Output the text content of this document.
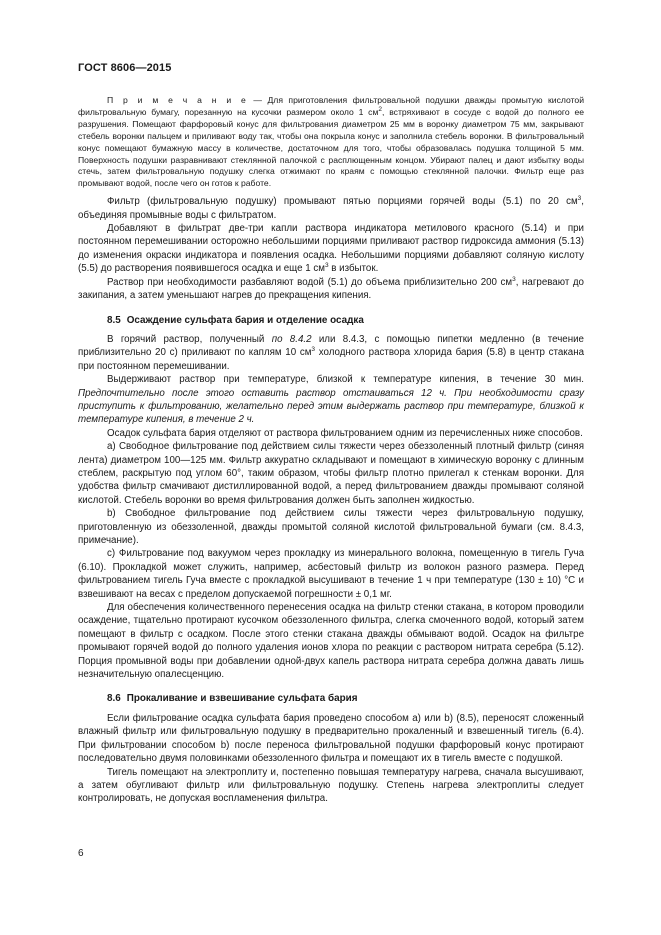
ГОСТ 8606—2015
П р и м е ч а н и е — Для приготовления фильтровальной подушки дважды промытую кислотой фильтровальную бумагу, порезанную на кусочки размером около 1 $см^2$, встряхивают в сосуде с водой до полного ее разрушения. Помещают фарфоровый конус для фильтрования диаметром 25 мм в воронку диаметром 75 мм, закрывают стебель воронки пальцем и приливают воду так, чтобы она покрыла конус и заполнила стебель воронки. В фильтровальный конус помещают бумажную массу в количестве, достаточном для того, чтобы образовалась подушка толщиной 5 мм. Поверхность подушки разравнивают стеклянной палочкой с расплющенным концом. Убирают палец и дают избытку воды стечь, затем фильтровальную подушку слегка отжимают по краям с помощью стеклянной палочки. Фильтр еще раз промывают водой, после чего он готов к работе.

Фильтр (фильтровальную подушку) промывают пятью порциями горячей воды (5.1) по 20 $см^3$, объединяя промывные воды с фильтратом.

Добавляют в фильтрат две-три капли раствора индикатора метилового красного (5.14) и при постоянном перемешивании осторожно небольшими порциями приливают раствор гидроксида аммония (5.13) до изменения окраски индикатора и появления осадка. Небольшими порциями добавляют соляную кислоту (5.5) до растворения появившегося осадка и еще 1 $см^3$ в избыток.

Раствор при необходимости разбавляют водой (5.1) до объема приблизительно 200 $см^3$, нагревают до закипания, а затем уменьшают нагрев до прекращения кипения.

8.5 Осаждение сульфата бария и отделение осадка

В горячий раствор, полученный по 8.4.2 или 8.4.3, с помощью пипетки медленно (в течение приблизительно 20 с) приливают по каплям 10 $см^3$ холодного раствора хлорида бария (5.8) в центр стакана при постоянном перемешивании.

Выдерживают раствор при температуре, близкой к температуре кипения, в течение 30 мин. Предпочтительно после этого оставить раствор отстаиваться 12 ч. При необходимости сразу приступить к фильтрованию, желательно перед этим выдержать раствор при температуре, близкой к температуре кипения, в течение 2 ч.

Осадок сульфата бария отделяют от раствора фильтрованием одним из перечисленных ниже способов.

a) Свободное фильтрование под действием силы тяжести через обеззоленный плотный фильтр (синяя лента) диаметром 100—125 мм. Фильтр аккуратно складывают и помещают в химическую воронку с длинным стеблем, раскрытую под углом 60°, таким образом, чтобы фильтр плотно прилегал к стенкам воронки. Для удобства фильтр смачивают дистиллированной водой, а перед фильтрованием дважды промывают соляной кислотой. Стебель воронки во время фильтрования должен быть заполнен жидкостью.

b) Свободное фильтрование под действием силы тяжести через фильтровальную подушку, приготовленную из обеззоленной, дважды промытой соляной кислотой фильтровальной бумаги (см. 8.4.3, примечание).

c) Фильтрование под вакуумом через прокладку из минерального волокна, помещенную в тигель Гуча (6.10). Прокладкой может служить, например, асбестовый фильтр из волокон разного размера. Перед фильтрованием тигель Гуча вместе с прокладкой высушивают в течение 1 ч при температуре (130 ± 10) °С и взвешивают на весах с пределом допускаемой погрешности ± 0,1 мг.

Для обеспечения количественного перенесения осадка на фильтр стенки стакана, в котором проводили осаждение, тщательно протирают кусочком обеззоленного фильтра, слегка смоченного водой, который затем помещают в фильтр с осадком. После этого стенки стакана дважды обмывают водой. Осадок на фильтре промывают горячей водой до полного удаления ионов хлора по реакции с раствором нитрата серебра (5.12). Порция промывной воды при добавлении одной-двух капель раствора нитрата серебра должна давать лишь незначительную опалесценцию.

8.6 Прокаливание и взвешивание сульфата бария

Если фильтрование осадка сульфата бария проведено способом a) или b) (8.5), переносят сложенный влажный фильтр или фильтровальную подушку в предварительно прокаленный и взвешенный тигель (6.4). При фильтровании способом b) после переноса фильтровальной подушки фарфоровый конус протирают последовательно двумя половинками обеззоленного фильтра и помещают их в тигель вместе с подушкой.

Тигель помещают на электроплиту и, постепенно повышая температуру нагрева, сначала высушивают, а затем обугливают фильтр или фильтровальную подушку. Степень нагрева электроплиты следует контролировать, не допуская воспламенения фильтра.

6
